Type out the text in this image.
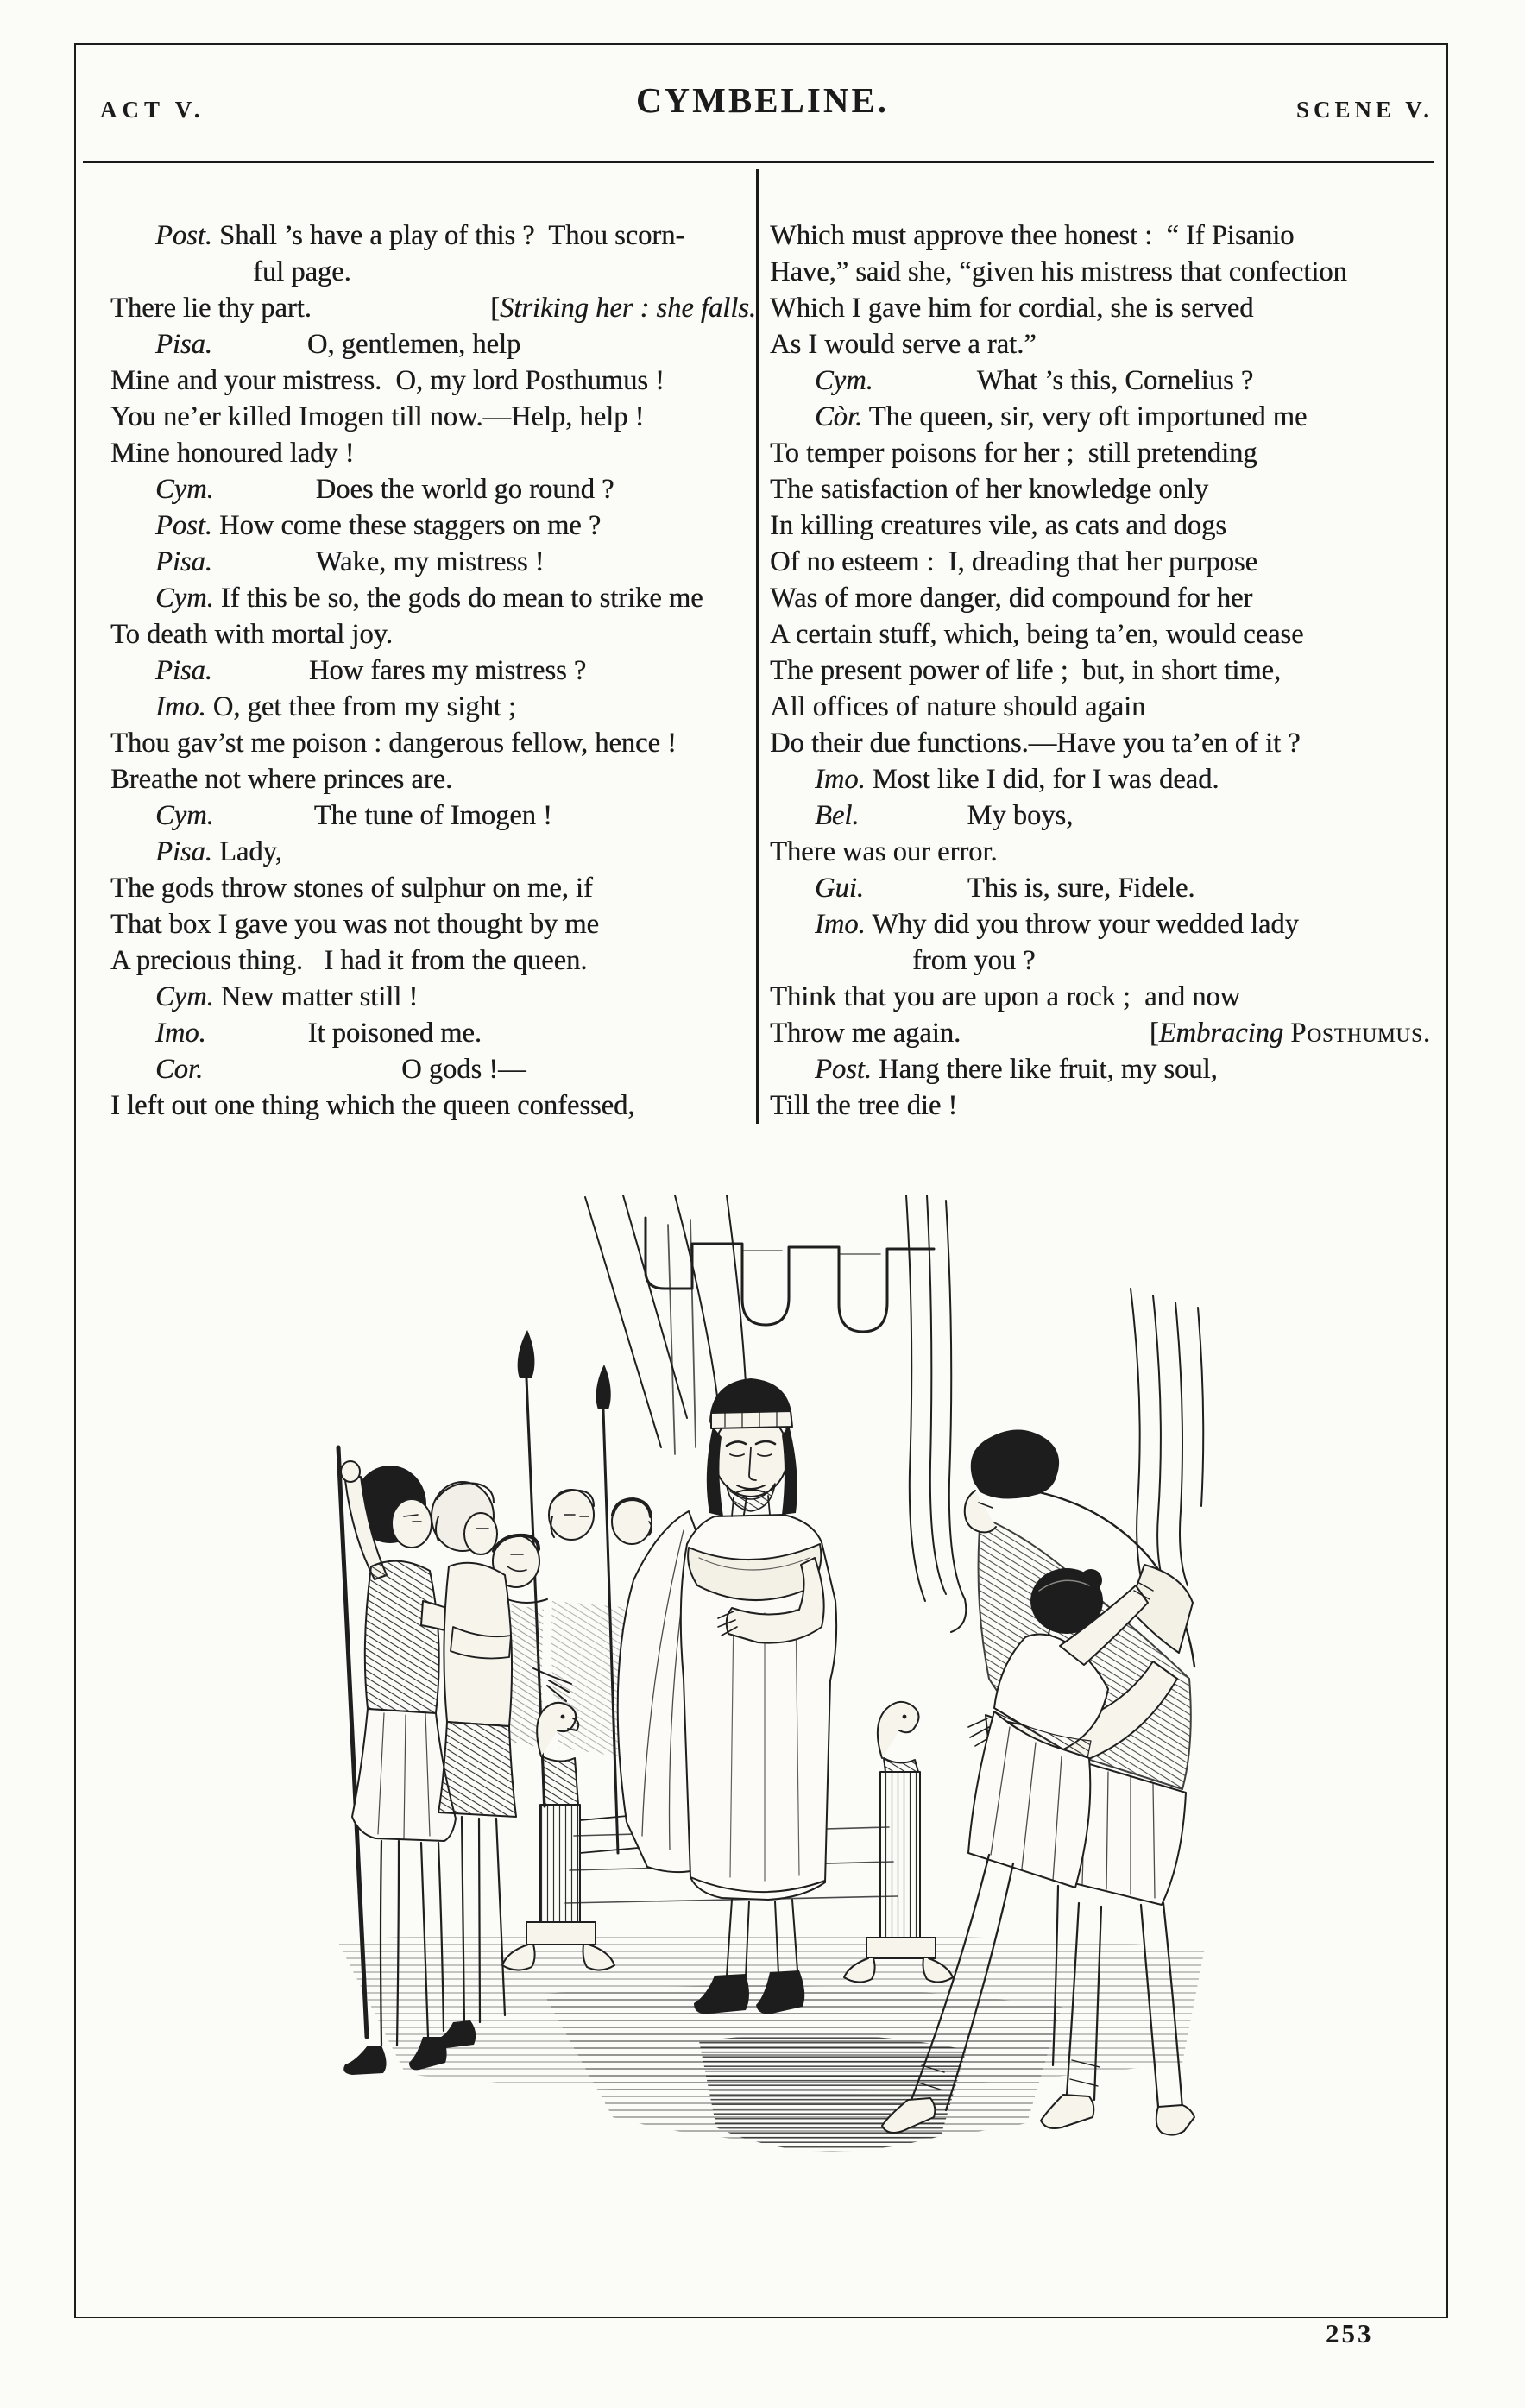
ACT V.	CYMBELINE.	SCENE V.
Post. Shall ’s have a play of this ?  Thou scorn-
ful page.
There lie thy part.	[Striking her : she falls.
Pisa.	O, gentlemen, help
Mine and your mistress.  O, my lord Posthumus !
You ne’er killed Imogen till now.—Help, help !
Mine honoured lady !
Cym.	Does the world go round ?
Post. How come these staggers on me ?
Pisa.	Wake, my mistress !
Cym. If this be so, the gods do mean to strike me
To death with mortal joy.
Pisa.	How fares my mistress ?
Imo. O, get thee from my sight ;
Thou gav’st me poison : dangerous fellow, hence !
Breathe not where princes are.
Cym.	The tune of Imogen !
Pisa. Lady,
The gods throw stones of sulphur on me, if
That box I gave you was not thought by me
A precious thing.   I had it from the queen.
Cym. New matter still !
Imo.	It poisoned me.
Cor.	O gods !—
I left out one thing which the queen confessed,
Which must approve thee honest :  “ If Pisanio
Have,” said she, “given his mistress that confection
Which I gave him for cordial, she is served
As I would serve a rat.”
Cym.	What ’s this, Cornelius ?
Còr. The queen, sir, very oft importuned me
To temper poisons for her ;  still pretending
The satisfaction of her knowledge only
In killing creatures vile, as cats and dogs
Of no esteem :  I, dreading that her purpose
Was of more danger, did compound for her
A certain stuff, which, being ta’en, would cease
The present power of life ;  but, in short time,
All offices of nature should again
Do their due functions.—Have you ta’en of it ?
Imo. Most like I did, for I was dead.
Bel.	My boys,
There was our error.
Gui.	This is, sure, Fidele.
Imo. Why did you throw your wedded lady
from you ?
Think that you are upon a rock ;  and now
Throw me again.	[Embracing Posthumus.
Post. Hang there like fruit, my soul,
Till the tree die !
253
